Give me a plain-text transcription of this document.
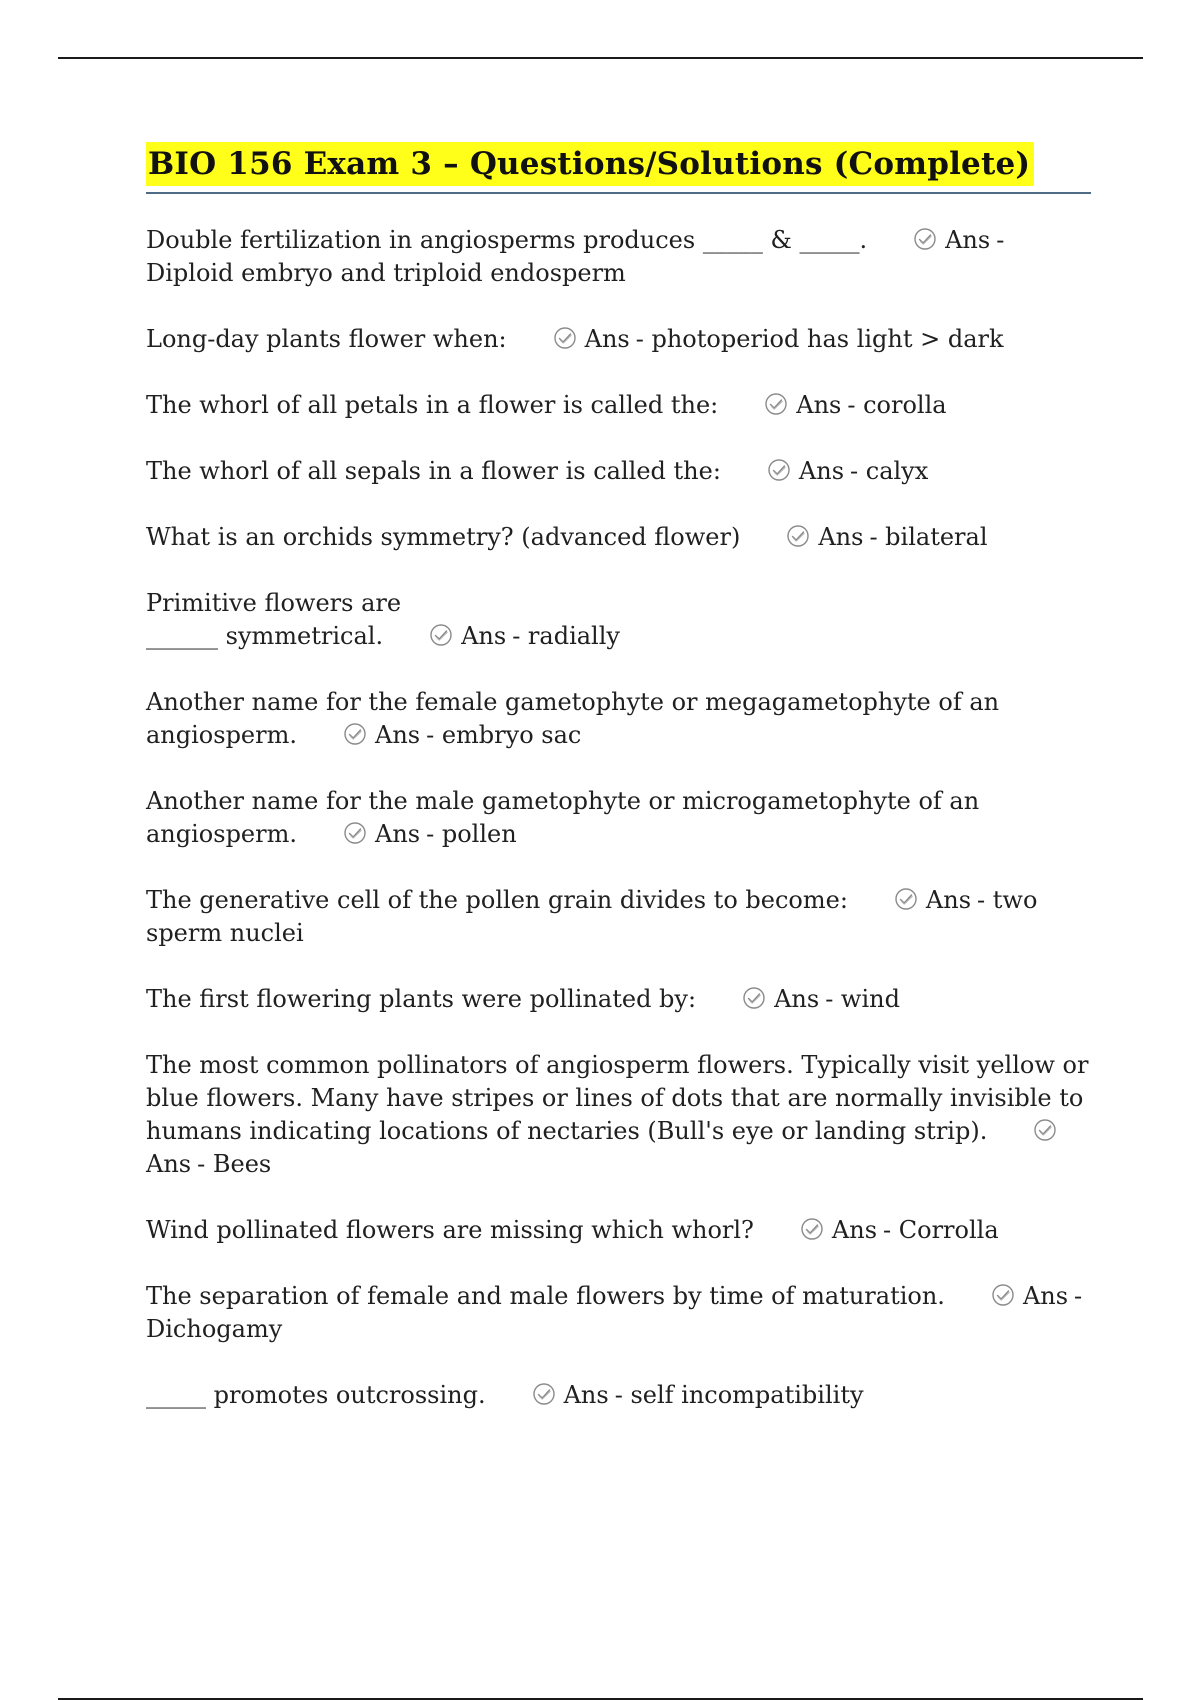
BIO 156 Exam 3 – Questions/Solutions (Complete)

Double fertilization in angiosperms produces _____ & _____.	Ans - Diploid embryo and triploid endosperm

Long-day plants flower when:	Ans - photoperiod has light > dark

The whorl of all petals in a flower is called the:	Ans - corolla

The whorl of all sepals in a flower is called the:	Ans - calyx

What is an orchids symmetry? (advanced flower)	Ans - bilateral

Primitive flowers are
______ symmetrical.	Ans - radially

Another name for the female gametophyte or megagametophyte of an angiosperm.	Ans - embryo sac

Another name for the male gametophyte or microgametophyte of an angiosperm.	Ans - pollen

The generative cell of the pollen grain divides to become:	Ans - two sperm nuclei

The first flowering plants were pollinated by:	Ans - wind

The most common pollinators of angiosperm flowers. Typically visit yellow or blue flowers. Many have stripes or lines of dots that are normally invisible to humans indicating locations of nectaries (Bull's eye or landing strip).
Ans - Bees

Wind pollinated flowers are missing which whorl?	Ans - Corrolla

The separation of female and male flowers by time of maturation.	Ans - Dichogamy

_____ promotes outcrossing.	Ans - self incompatibility
